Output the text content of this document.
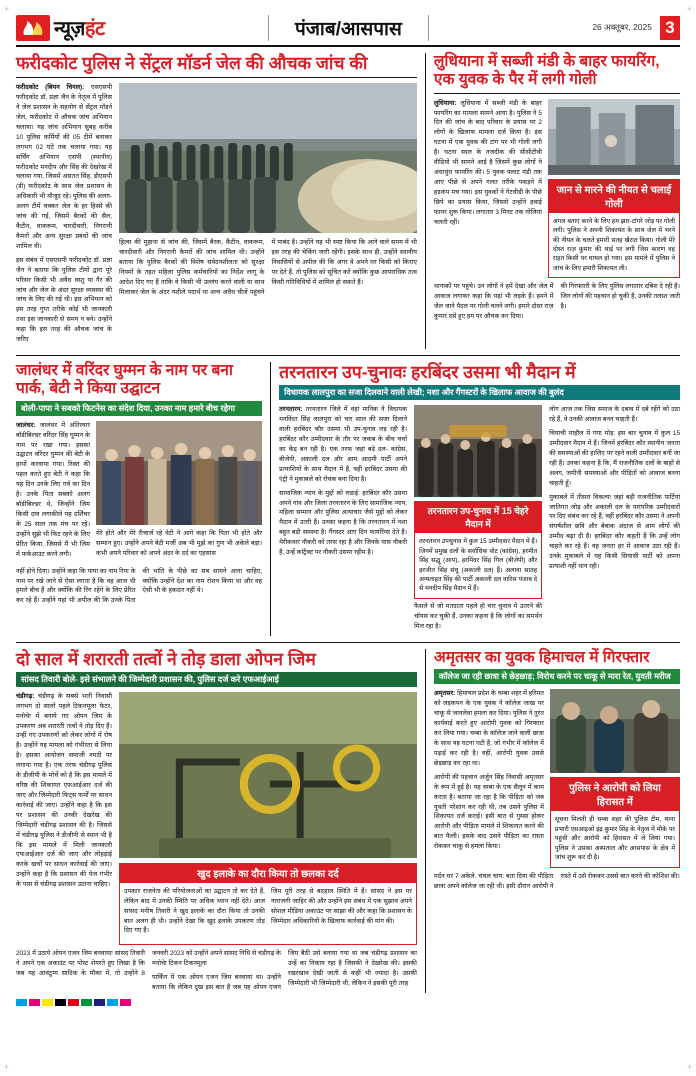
+	+
+	+
न्यूज़हंट	पंजाब/आसपास	26 अक्तूबर, 2025 3
फरीदकोट पुलिस ने सेंट्रल मॉडर्न जेल की औचक जांच की

फरीदकोट (बियन चिनल): एसएसपी फरीदकोट डॉ. प्रज्ञा जैन के नेतृत्व में पुलिस ने जेल प्रशासन के सहयोग से सेंट्रल मॉडर्न जेल, फरीदकोट में औचक जांच अभियान चलाया। यह जांच अभियान सुबह करीब 10 पुलिस कर्मियों की 05 टीमें बनाकर लगभग 02 घंटे तक चलाया गया। यह सर्चिंग अभियान एसपी (स्थानीय) फरीदकोट मनदीप और सिंह की देखरेख में चलाया गया, जिसमें असतत सिंह, डीएसपी (डी) फरीदकोट के साथ जेल प्रशासन के अधिकारी भी मौजूद रहे। पुलिस की अलग-अलग टीमें चक्कर जेल के हर हिस्से की जांच की गई, जिसमें बैरकों की सैल, कैंटीन, वाकरूम, चारदीवारी, निगरानी कैमरों और अन्य सुरक्षा प्रबंधों की जांच शामिल थी।

इस संबंध में एसएसपी फरीदकोट डॉ. प्रज्ञा जैन ने बताया कि पुलिस टीमों द्वारा पूरे परिसर किसी भी अवैध वस्तु या गैर की जांच और जेल के अंदर सुरक्षा व्यवस्था की जांच के लिए की गई थी। इस अभियान को इस तरह गुप्त तरीके कोई भी जानकारी तथा इस जानकारी से समय न बने। उन्होंने कहा कि इस तरह की औचक जांच के जरिए

हिल्स की मुहाना से जांच की, जिसमें बैरक, कैंटीन, वाकरूम, चारदीवारी और निगरानी कैमरों की जांच शामिल थी। उन्होंने बताया कि पुलिस बैरकों की विशेष संवेदनशीलता को सुरक्षा नियमों के तहत महिला पुलिस कर्मचारियों का निर्देश लागू के आदेश दिए गए हैं ताकि वे किसी भी उल्लंघ करने वाली या साथ मिलाकर जेल के अंदर नशीले पदार्थ या अन्य अवैध चीजें पहुंचने में पाबंद है। उन्होंने यह भी स्पष्ट किया कि आने वाले समय में भी इस तरह की चेकिंग जारी रहेंगी। इसके साथ ही, उन्होंने स्थानीय निवासियों से अपील की कि अगर वे अपने घर किसी को किराए पर देते हैं, तो पुलिस को सूचित करें क्योंकि कुछ आपराधिक तत्व किसी गतिविधियों में शामिल हो सकते हैं।

लुधियाना में सब्जी मंडी के बाहर फायरिंग, एक युवक के पैर में लगी गोली

लुधियाना: लुधियाना में सब्जी मंडी के बाहर फायरिंग का मामला सामने आया है। पुलिस ने 5 दिन की जांच के बाद परिवार के प्रयास पर 2 लोगों के खिलाफ मामला दर्ज किया है। इस घटना में एक युवक की टांग पर भी गोली लगी है। घटना स्थल के नजदीक की सीसीटीवी वीडियो भी सामने आई है जिसमें कुछ लोगों ने अंधाधुंध फायरिंग की। 5 युवक फ्लाट मंडी तक आए पीछे से अपने गलत तरीके पकड़ने में हड़कंप मच गया। इस युवकों ने गेटवीडी के पीछे छिपे का प्रयास किया, जिससे उन्होंने हवाई फायर शुरू किया। लगातार 3 मिनट तक गोलियां चलती रहीं।

जान से मारने की नीयत से चलाई गोली
अगल बताए करने के लिए हम झार-टांगरे जोड़ पर गोली लगी। पुलिस ने अपनी शिकायत के साथ जेल में भरने की नीयत के चलते हमारी सतह खैरात किया। गोली मेरे दोस्त राज़ कुमार की थाई पर लगी जिस कारण वह राहत किसी पर घायल हो गया। इस मामले में पुलिस ने जांच के लिए हमारी शिकायत ली।

थानाकों पर पहुंचे। उन लोगों ने हमें देखा और जेल में आवाज लगाकर कहा कि यहां भी लड़के हैं। हमने में जेल जाने पैदल पर गोली चलने लगी। हमारे दोस्त राज़ कुमार दसे हुए हम पर औचक कर दिया।

की गिरफ्तारी के लिए पुलिस लगातार दबिश दे रही है। जिन लोगों की पहचान हो चुकी है, उनकी तलाश जारी है।

जालंधर में वरिंदर घुम्मन के नाम पर बना पार्क, बेटी ने किया उद्घाटन
बोली-पापा ने सबको फिटनेस का संदेश दिया, उनका नाम हमारे बीच रहेगा

जालंधर: जालंधर में अंतिरवार बॉडीबिल्डर वरिंदर सिंह घुम्मन के नाम पर रखा गया। इसका उद्घाटन वरिंदर घुम्मन की बेटी के हाथों करवाया गया। रिक्त की पहल करते हुए बेटी ने कहा कि यह दिन उनके लिए गर्व का दिन है। उनके पिता सबको अलग बॉडीबिल्डर थे, जिन्होंने जिम किसी दाव लगाकीले यह दर्शिचर के 25 साल तक मंच पर रहे। उन्होंने सुझे भी फिट रहने के लिए प्रेरित किया, जिससे मैं भी जिम में फर्कआउट करने लगी।

मेरे होते और मेरे रीचार्ज रहे वेटी ने आगे कहा कि पिता भी होते और सम्मान हुए। उन्होंने अपने बेटी मर्जी अब भी मुझे का गुण भी अकेले बड़ा। कभी अपने परिवार को अपने अंदर के दर्द का एहसास

नहीं होने दिया। उन्होंने कहा कि पापा का नाम रिया के नाम पर रखे जाने से ऐसा लगता है कि वह आज भी हमारे बीच हैं और क्योंकि की रिंग रहेंगे के लिए प्रेरित कर रहे हैं। उन्होंने यहां भी अपील की कि उनके पिता की भांति के पीछे का सब सामने आना चाहिए, क्योंकि उन्होंने देश का नाम रोशन किया था और वह ऐसी भी के हकदार नहीं थे।

तरनतारन उप-चुनावः हरबिंदर उसमा भी मैदान में
विधायक लालपुरा का सजा दिलवाने वाली लेखी; नशा और गैंगस्टरों के खिलाफ आवाज की बुलंद

तरनतारन: तरनतारन जिले में वहां मानिक ने विधायक मनविंदर सिंह लालपुरा को चार साल की सजा दिलाने वाली हरबिंदर कौर उसमा भी उप-चुनाव लड़ रही है। हरबिंदर कौर उम्मीदवार के तौर पर जवाब के बीच चर्चा का केंद्र बन रही है। एक तरफ जहां बड़े दल- कांग्रेस, बीजेपी, अकाली दल और आम आदमी पार्टी अपने प्रत्याशियों के साथ मैदान में हैं, वहीं हरबिंदर उसमा की एंट्री ने मुकाबले को रोचक बना दिया है।

सामाजिक न्याय के मुद्दों को लडाई: हरबिंदर कौर उसमा अपने गांव और जिला तरनतारन के लिए सामाजिक न्याय, महिला सम्मान और पुलिस अत्याचार जैसे मुद्दों को लेकर मैदान में उतरी हैं। उनका कहना है कि तरनतारन में नशा बहुत बड़ी समस्या है। गैंगस्टर आए दिन फायरिंग्स देते हैं। मेरीकवार नौकरी को तरस रहा है और जिनके पास नौकरी है, उन्हें कांट्रैक्ट पर नौकरी उसमा रहीम है।

तरनतारन उप-चुनाव में 15 चेहरे मैदान में
तरनतारन उपचुनाव में कुल 15 उम्मीदवार मैदान में हैं। जिनमें प्रमुख दलों के सर्वाधिक वोट (कांग्रेस), हरमीत सिंह सद्धू (आप), हरमिंदर सिंह गिल (बीजेपी) और हरजीत सिंह संधू (अकाली दल) हैं। अलावा सातह अन्यताहत सिंह की पार्टी अकाली दल वारिस पंजाब दे से मनदीप सिंह मैदान में हैं।

फैसले से जो मतदाता पहले हो चार चुनाव में उतरने की चॉयस कर चुकी हैं, उनका कहना है कि लोगों का समर्थन मिल रहा है।

लोग आज तक जिस समाज के दबाव में दबे रहेंगे को उठा रहे हैं, वे उनकी आवाज बनन चाहती हैं।

चियाची माहौल में गया मोड़: इस बार चुनाव में कुल 15 उम्मीदवार मैदान में हैं। जिनमें हरबिंदर कौर स्थानीय जनता की समस्याओं की हालिए पर रहने वाली उम्मीदवार बनीं जा रही हैं। उनका कहना है कि, मैं राजनीतिक दलों के बाहों से अलग, जमीनी समस्याओं और पीड़ितों को आवाज बनना चाहती हूँ।

मुकाबले में तीसरा विकल्पः जहां बड़ी राजनीतिक पार्टियां जातिगत जोड़ और अकाली दल के पारंपरिक उम्मीदवारों पर दिए संबंध कर रहे हैं, वहीं हरबिंदर कौर उसमा ने अपनी संघर्षशील छवि और बेबाक अंदाज से आम लोगों की उम्मीद बढ़ा दी है। हरबिंदर कौर कहती हैं कि उन्हें लोग चाहते कर रहे हैं। वह जनता हर में आवाज उठा रही हैं। उनके मुकाबले में यह किसी सियासी पार्टी को अपना प्रत्याशी नहीं थान रही।

दो साल में शरारती तत्वों ने तोड़ डाला ओपन जिम
सांसद तिवारी बोले- इसे संभालने की जिम्मेदारी प्रशासन की, पुलिस दर्ज करे एफआईआई

चंडीगढ़: चंडीगढ़ के सबसे भारी निवासी लगभग दो सालों पहले टिकनमूला फेटर, मनोचेा में बनाये गए ओपन जिम के उपकरण अब शरारती तत्वों ने तोड़ दिए हैं। उन्हीं गए उपकरणों को लेकर लोगों में रोष है। उन्होंने यह मामला को गंभीरता से लिया है। इसका आयोजन समाजी नमदी पर लगाया गया है। एक तरफ चंडीगढ़ पुलिस के डीजीपी के मोर्चे को है कि इस मामले में वरिष्ठ की शिकायत एफआईआर दर्ज की जाए और जिम्मेदारी फिट्स फर्मों पर साधन कार्रवाई की जाए। उन्होंने कहा है कि इस पर प्रशासन की उनकी देखरेख की जिम्मेदारी चंडीगढ़ प्रशासन की है। जिससे में चंडीगढ़ पुलिस ने डीजीपी से स्थान भी है कि इस मामले में मिली जानकारी एफआईआर दर्ज की जाए और लोहड़ाई करके खर्चों पर साधन कार्रवाई की जाए। उन्होंने कहा है कि प्रशासन की पेज गंभीर के पास से चंडीगढ़ प्रशासन उठाना चाहिए।

खुद इलाके का दौरा किया तो छलका दर्द

उपकार राजनेता की परियोजनाओं का उद्घाटन तो कर देते हैं, लेकिन बाद में उनकी स्थिति पर अधिक ध्यान नहीं देते। आज सांसद मनीष तिवारी ने खुद इलाके का दौरा किया तो उनकी बात अलग ही थी। उन्होंने देखा कि खुद इलाके उपकरण तोड़ दिए गए हैं।

जिम पूरी तरह से बदहाल स्थिति में हैं। सांसद ने इस पर नाराजगी जाहिर की और उन्होंने इस संबंध में एक सुझाव अपने सोशल मीडिया अकाउंट पर साझा की और कहा कि प्रशासन के जिम्मेदार अधिकारियों के खिलाफ कार्रवाई की मांग की।

2023 में उठाये ओपन एजन जिम बनवायाः सांसद तिवारी ने अपने एक अकाउंट पर पोस्ट शेयरते हुए लिखा है कि जब यह आवंटुम्म सादिक के मौका में, तो उन्होंने 8 जनवरी 2023 को उन्होंने अपने सांसद निधि से चंडीगढ़ के मनोचेा टिकन टिकनमूला

पार्किंग में एक ओपन एजन जिम बनवाया था। उन्होंने बताया कि लेकिन दुख इस बात है जब यह ओपन एजन जिम बैठी उसे बनाया गया था जब चंडीगढ़ प्रशासन का उन्हें का निकाय रहा है जिसकी ने देखरेख की। इसकी रखरखाव देखी जाती से कहीं भी ज्यादा है। उसकी जिम्मेदारी भी जिम्मेदारी थी, लेकिन ने इसकी पूरी तरह

अमृतसर का युवक हिमाचल में गिरफ्तार
कॉलेज जा रही छात्रा से छेड़छाड़; विरोध करने पर चाकू से मारा रेत, युवती मरीज

अमृतसर: हिमाचल प्रदेश के चम्बा शहर में हरिमत को लड़कपन के एक युवक ने कॉलेज जाख पर चाकू से जानलेवा हमला कर दिया। पुलिस ने तुरंत कार्यवाई करते हुए आरोपी युवक को गिरफ्तार कर लिया गया। चम्बा के कॉलेज जाने वाली छात्रा के साथ यह घटना घटी है, जो गंभीर में कॉलेज में पढ़ाई कर रही है। वहीं, आरोपी युवक उससे छेड़छाड़ कर रहा था।

आरोपी की पहचान अर्जुन सिंह निवासी अमृतसर के रूप में हुई है। यह चम्बा के एक सैलून में काम करता है। बताया जा रहा है कि पीड़िता को जब युवती परेशान कर रही थी, तब उसने पुलिस में शिकायत दर्ज कराई। इसी बात से गुस्सा होकर आरोपी और पीड़िता मामले में शिकायत करने की बात फैली। इसके बाद उसने पीड़िता का रास्ता रोककर चाकू से हमला किया।

पुलिस ने आरोपी को लिया हिरासत में
सूचना मिलती ही चम्बा शहर की पुलिस टीम, थाना प्रभारी एसआइओ इंद्र कुमार सिंह के नेतृत्व में मौके पर पहुंची और आरोपी को हिरासत में ले लिया गया। पुलिस ने उसका अस्पताल और आसपास के क्षेत्र में जांच शुरू कर दी है।

मर्दन घर 7 अकेले. चंचल चाय: बता दिया की पीड़िता छात्रा अपने कॉलेज जा रही थी। इसी दौरान आरोपी ने रास्ते में उसे रोककर उससे बात करने की कोशिश की।
